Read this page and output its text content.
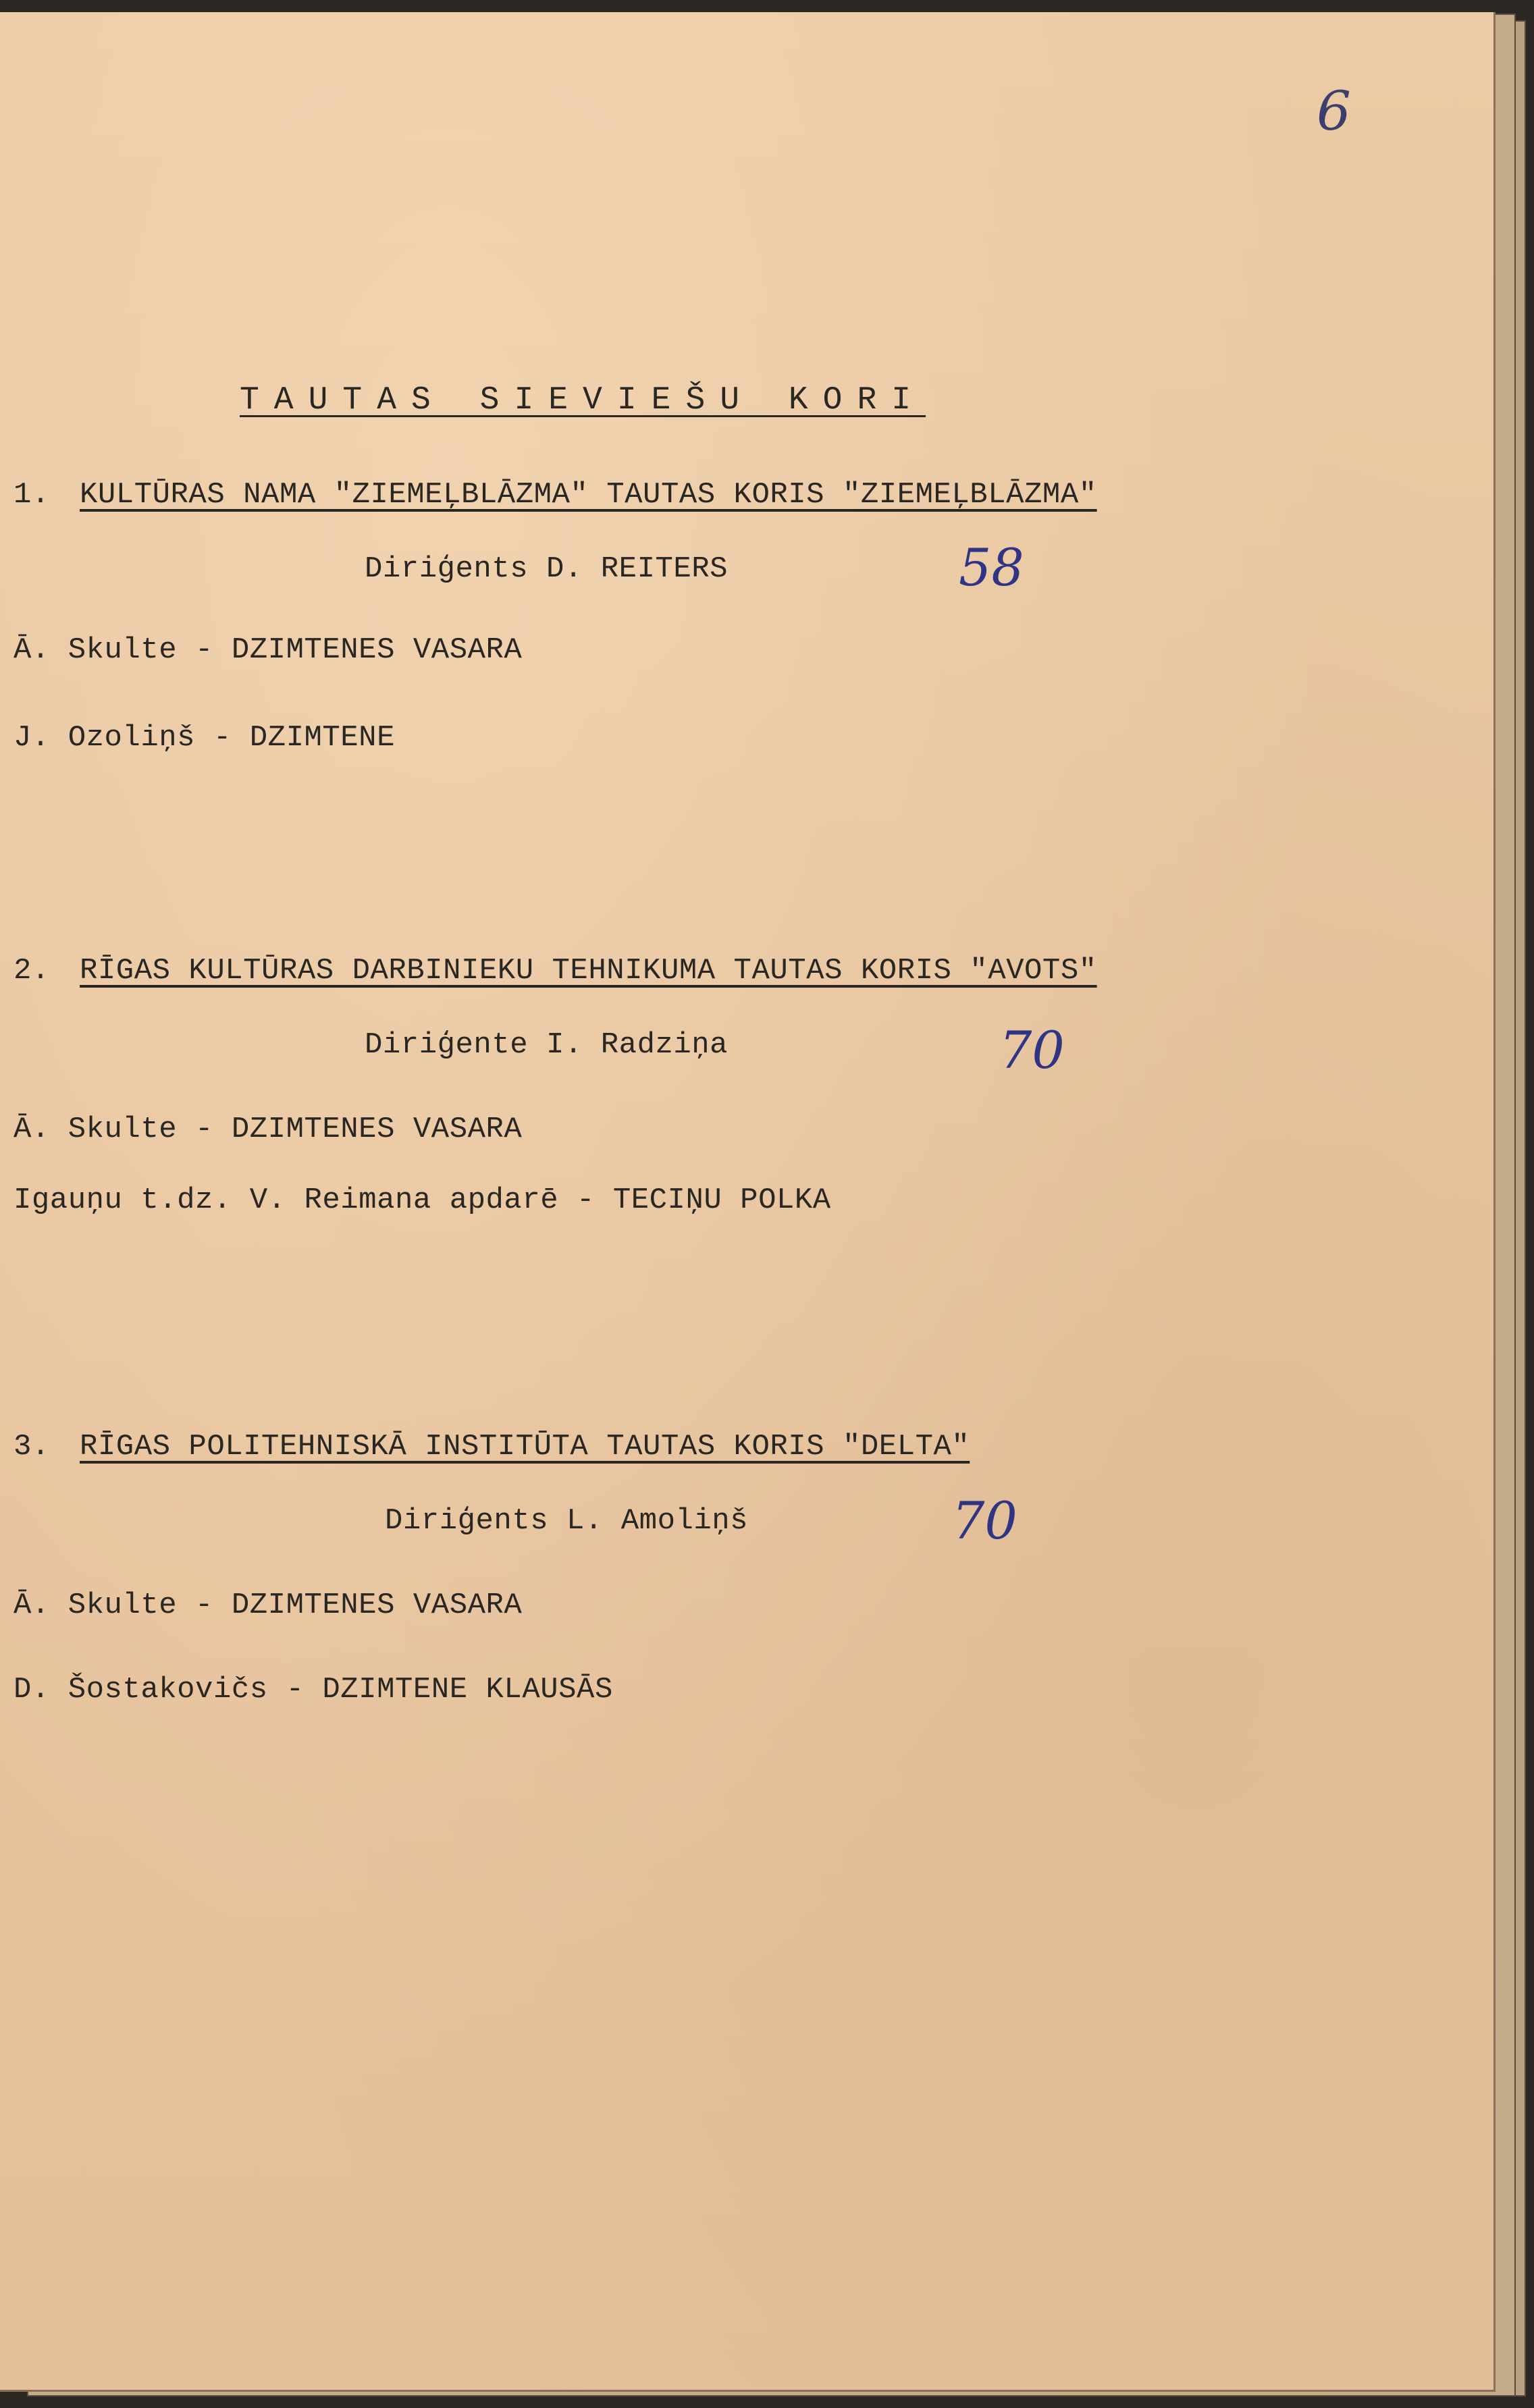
6
TAUTAS SIEVIEŠU KORI
1. KULTŪRAS NAMA "ZIEMEĻBLĀZMA" TAUTAS KORIS "ZIEMEĻBLĀZMA"
Diriģents D. REITERS	58
Ā. Skulte - DZIMTENES VASARA
J. Ozoliņš - DZIMTENE
2. RĪGAS KULTŪRAS DARBINIEKU TEHNIKUMA TAUTAS KORIS "AVOTS"
Diriģente I. Radziņa	70
Ā. Skulte - DZIMTENES VASARA
Igauņu t.dz. V. Reimana apdarē - TECIŅU POLKA
3. RĪGAS POLITEHNISKĀ INSTITŪTA TAUTAS KORIS "DELTA"
Diriģents L. Amoliņš	70
Ā. Skulte - DZIMTENES VASARA
D. Šostakovičs - DZIMTENE KLAUSĀS
